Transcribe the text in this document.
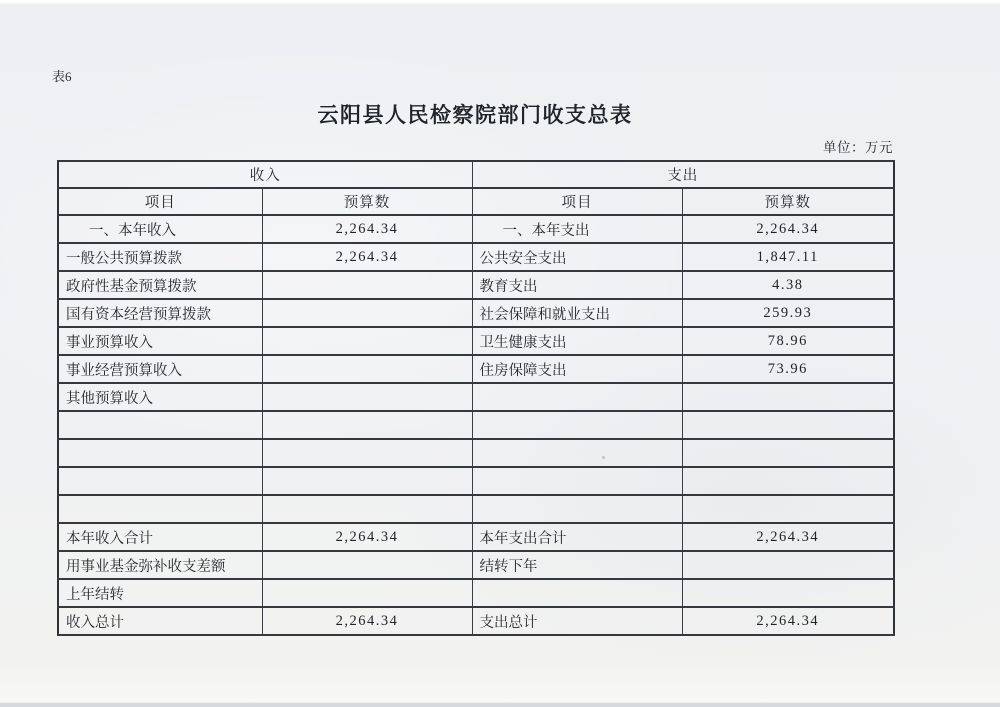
表6
云阳县人民检察院部门收支总表
单位：万元
收入		支出	
项目	预算数	项目	预算数
一、本年收入	2,264.34	一、本年支出	2,264.34
一般公共预算拨款	2,264.34	公共安全支出	1,847.11
政府性基金预算拨款		教育支出	4.38
国有资本经营预算拨款		社会保障和就业支出	259.93
事业预算收入		卫生健康支出	78.96
事业经营预算收入		住房保障支出	73.96
其他预算收入			

本年收入合计	2,264.34	本年支出合计	2,264.34
用事业基金弥补收支差额		结转下年	
上年结转			
收入总计	2,264.34	支出总计	2,264.34
